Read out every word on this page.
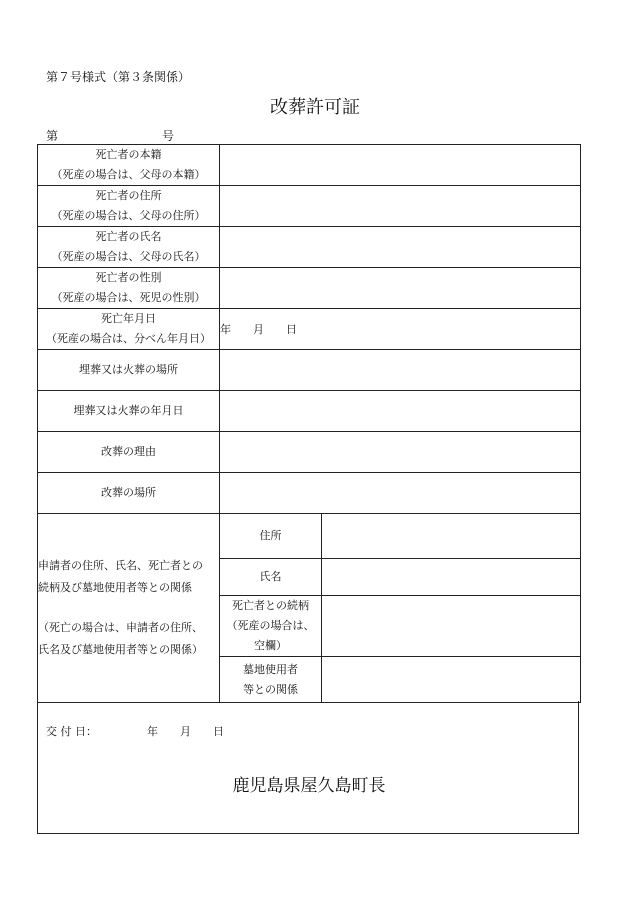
第７号様式（第３条関係）
改葬許可証
第	号
死亡者の本籍
（死産の場合は、父母の本籍）		

死亡者の住所
（死産の場合は、父母の住所）		

死亡者の氏名
（死産の場合は、父母の氏名）		

死亡者の性別
（死産の場合は、死児の性別）		

死亡年月日
（死産の場合は、分べん年月日）	年 月 日	
埋葬又は火葬の場所		
埋葬又は火葬の年月日		
改葬の理由		
改葬の場所		

申請者の住所、氏名、死亡者との
続柄及び墓地使用者等との関係
（死亡の場合は、申請者の住所、
氏名及び墓地使用者等との関係）	住所	
	氏名	

	死亡者との続柄
（死産の場合は、
空欄）	

	墓地使用者
等との関係	

交 付 日：	年 月 日
鹿児島県屋久島町長
